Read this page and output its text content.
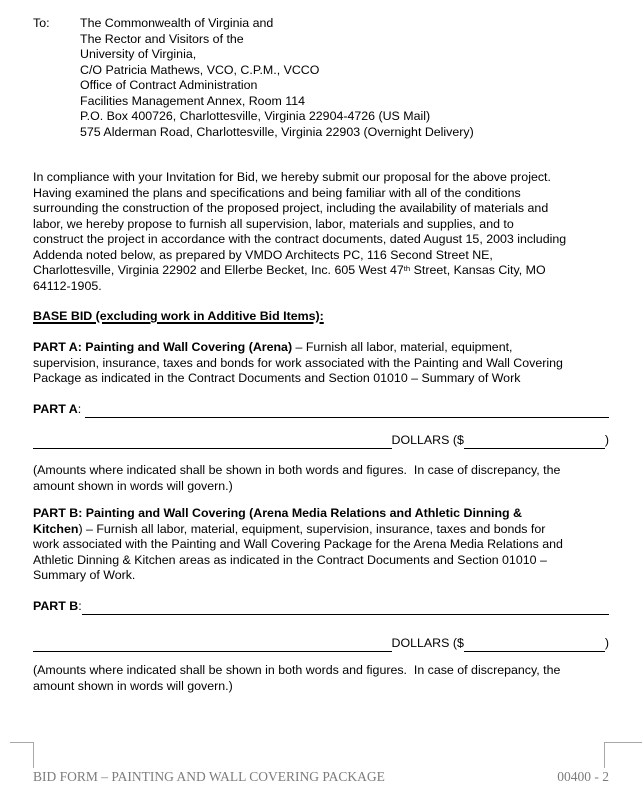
To:	The Commonwealth of Virginia and
The Rector and Visitors of the
University of Virginia,
C/O Patricia Mathews, VCO, C.P.M., VCCO
Office of Contract Administration
Facilities Management Annex, Room 114
P.O. Box 400726, Charlottesville, Virginia 22904-4726 (US Mail)
575 Alderman Road, Charlottesville, Virginia 22903 (Overnight Delivery)
In compliance with your Invitation for Bid, we hereby submit our proposal for the above project.
Having examined the plans and specifications and being familiar with all of the conditions
surrounding the construction of the proposed project, including the availability of materials and
labor, we hereby propose to furnish all supervision, labor, materials and supplies, and to
construct the project in accordance with the contract documents, dated August 15, 2003 including
Addenda noted below, as prepared by VMDO Architects PC, 116 Second Street NE,
Charlottesville, Virginia 22902 and Ellerbe Becket, Inc. 605 West 47th Street, Kansas City, MO
64112-1905.
BASE BID (excluding work in Additive Bid Items):
PART A: Painting and Wall Covering (Arena) – Furnish all labor, material, equipment,
supervision, insurance, taxes and bonds for work associated with the Painting and Wall Covering
Package as indicated in the Contract Documents and Section 01010 – Summary of Work
PART A :
DOLLARS ($	)
(Amounts where indicated shall be shown in both words and figures.  In case of discrepancy, the
amount shown in words will govern.)
PART B: Painting and Wall Covering (Arena Media Relations and Athletic Dinning &
Kitchen) – Furnish all labor, material, equipment, supervision, insurance, taxes and bonds for
work associated with the Painting and Wall Covering Package for the Arena Media Relations and
Athletic Dinning & Kitchen areas as indicated in the Contract Documents and Section 01010 –
Summary of Work.
PART B :
DOLLARS ($	)
(Amounts where indicated shall be shown in both words and figures.  In case of discrepancy, the
amount shown in words will govern.)
BID FORM – PAINTING AND WALL COVERING PACKAGE	00400 - 2
